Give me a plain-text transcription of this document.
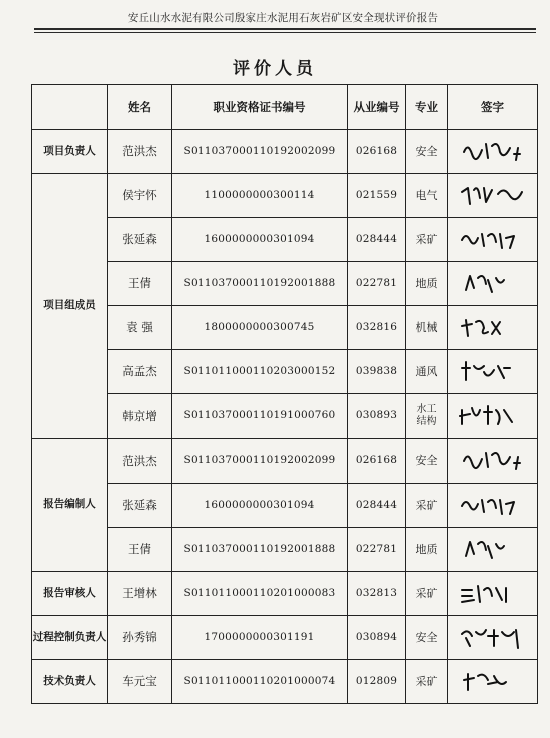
安丘山水水泥有限公司殷家庄水泥用石灰岩矿区安全现状评价报告
评价人员
	姓名	职业资格证书编号	从业编号	专业	签字
项目负责人	范洪杰	S011037000110192002099	026168	安全	

项目组成员	侯宇怀	1100000000300114	021559	电气	

	张延森	1600000000301094	028444	采矿	

	王倩	S011037000110192001888	022781	地质	

	袁 强	1800000000300745	032816	机械	

	高孟杰	S011011000110203000152	039838	通风	

	韩京增	S011037000110191000760	030893	水工结构	

报告编制人	范洪杰	S011037000110192002099	026168	安全	

	张延森	1600000000301094	028444	采矿	

	王倩	S011037000110192001888	022781	地质	

报告审核人	王增林	S011011000110201000083	032813	采矿	

过程控制负责人	孙秀锦	1700000000301191	030894	安全	

技术负责人	车元宝	S011011000110201000074	012809	采矿	
